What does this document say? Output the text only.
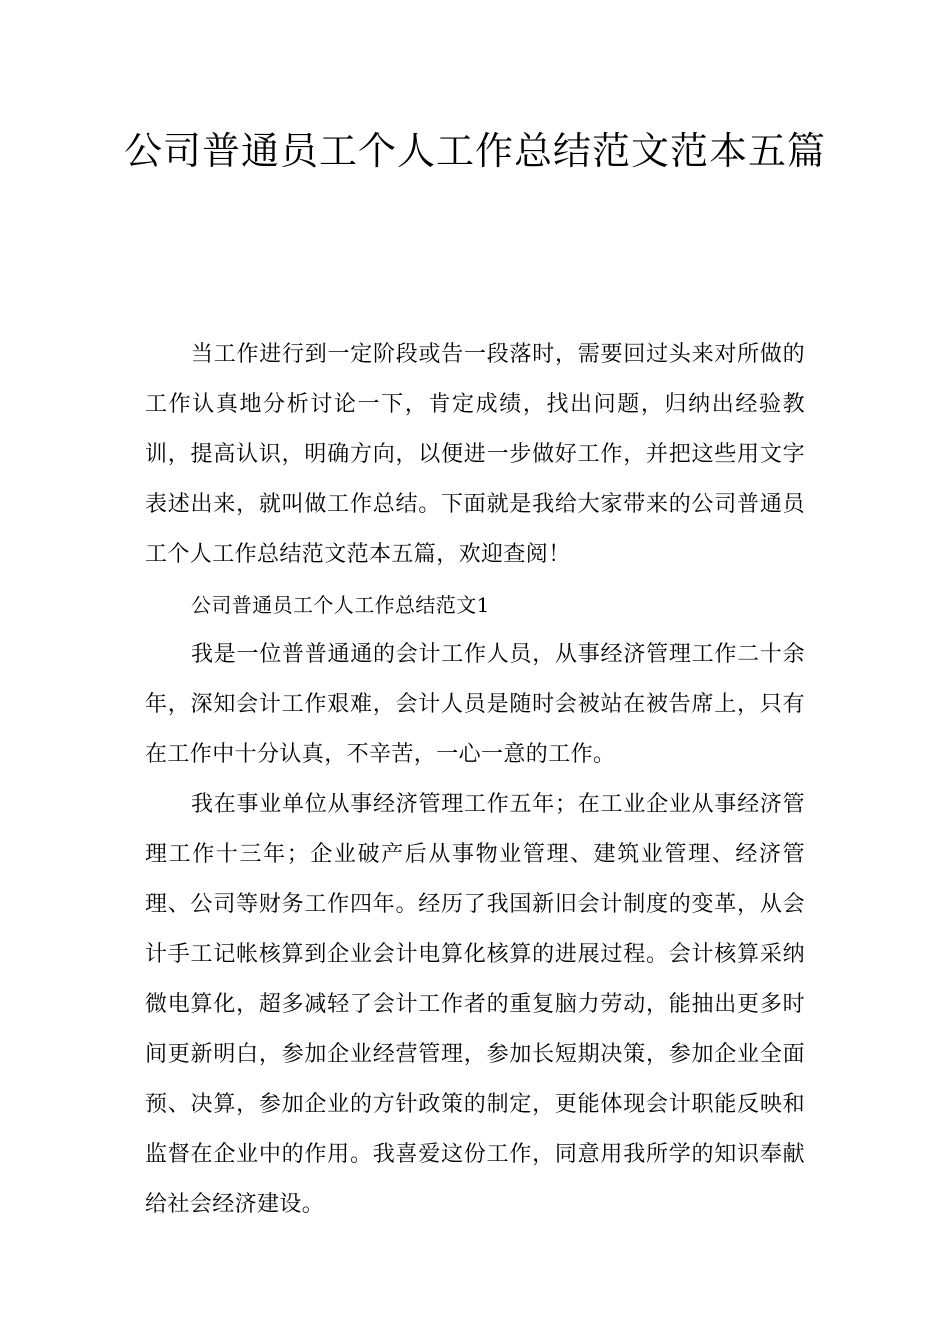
公司普通员工个人工作总结范文范本五篇

当工作进行到一定阶段或告一段落时，需要回过头来对所做的工作认真地分析讨论一下，肯定成绩，找出问题，归纳出经验教训，提高认识，明确方向，以便进一步做好工作，并把这些用文字表述出来，就叫做工作总结。下面就是我给大家带来的公司普通员工个人工作总结范文范本五篇，欢迎查阅！

公司普通员工个人工作总结范文1

我是一位普普通通的会计工作人员，从事经济管理工作二十余年，深知会计工作艰难，会计人员是随时会被站在被告席上，只有在工作中十分认真，不辛苦，一心一意的工作。

我在事业单位从事经济管理工作五年；在工业企业从事经济管理工作十三年；企业破产后从事物业管理、建筑业管理、经济管理、公司等财务工作四年。经历了我国新旧会计制度的变革，从会计手工记帐核算到企业会计电算化核算的进展过程。会计核算采纳微电算化，超多减轻了会计工作者的重复脑力劳动，能抽出更多时间更新明白，参加企业经营管理，参加长短期决策，参加企业全面预、决算，参加企业的方针政策的制定，更能体现会计职能反映和监督在企业中的作用。我喜爱这份工作，同意用我所学的知识奉献给社会经济建设。
